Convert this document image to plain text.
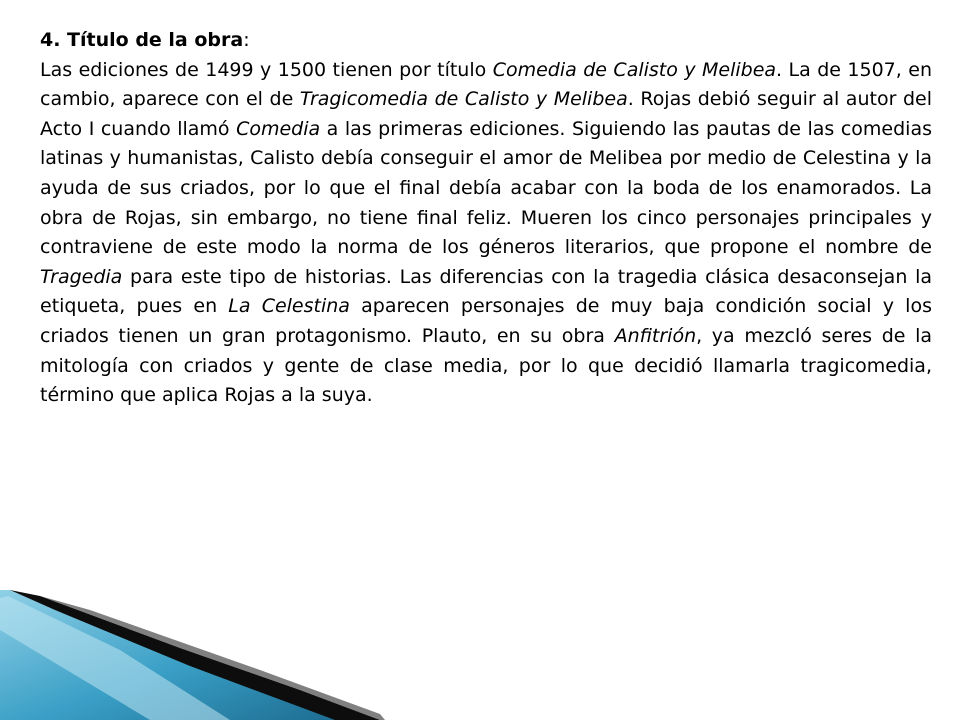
4. Título de la obra:

Las ediciones de 1499 y 1500 tienen por título Comedia de Calisto y Melibea. La de 1507, en cambio, aparece con el de Tragicomedia de Calisto y Melibea. Rojas debió seguir al autor del Acto I cuando llamó Comedia a las primeras ediciones. Siguiendo las pautas de las comedias latinas y humanistas, Calisto debía conseguir el amor de Melibea por medio de Celestina y la ayuda de sus criados, por lo que el final debía acabar con la boda de los enamorados. La obra de Rojas, sin embargo, no tiene final feliz. Mueren los cinco personajes principales y contraviene de este modo la norma de los géneros literarios, que propone el nombre de Tragedia para este tipo de historias. Las diferencias con la tragedia clásica desaconsejan la etiqueta, pues en La Celestina aparecen personajes de muy baja condición social y los criados tienen un gran protagonismo. Plauto, en su obra Anfitrión, ya mezcló seres de la mitología con criados y gente de clase media, por lo que decidió llamarla tragicomedia, término que aplica Rojas a la suya.
